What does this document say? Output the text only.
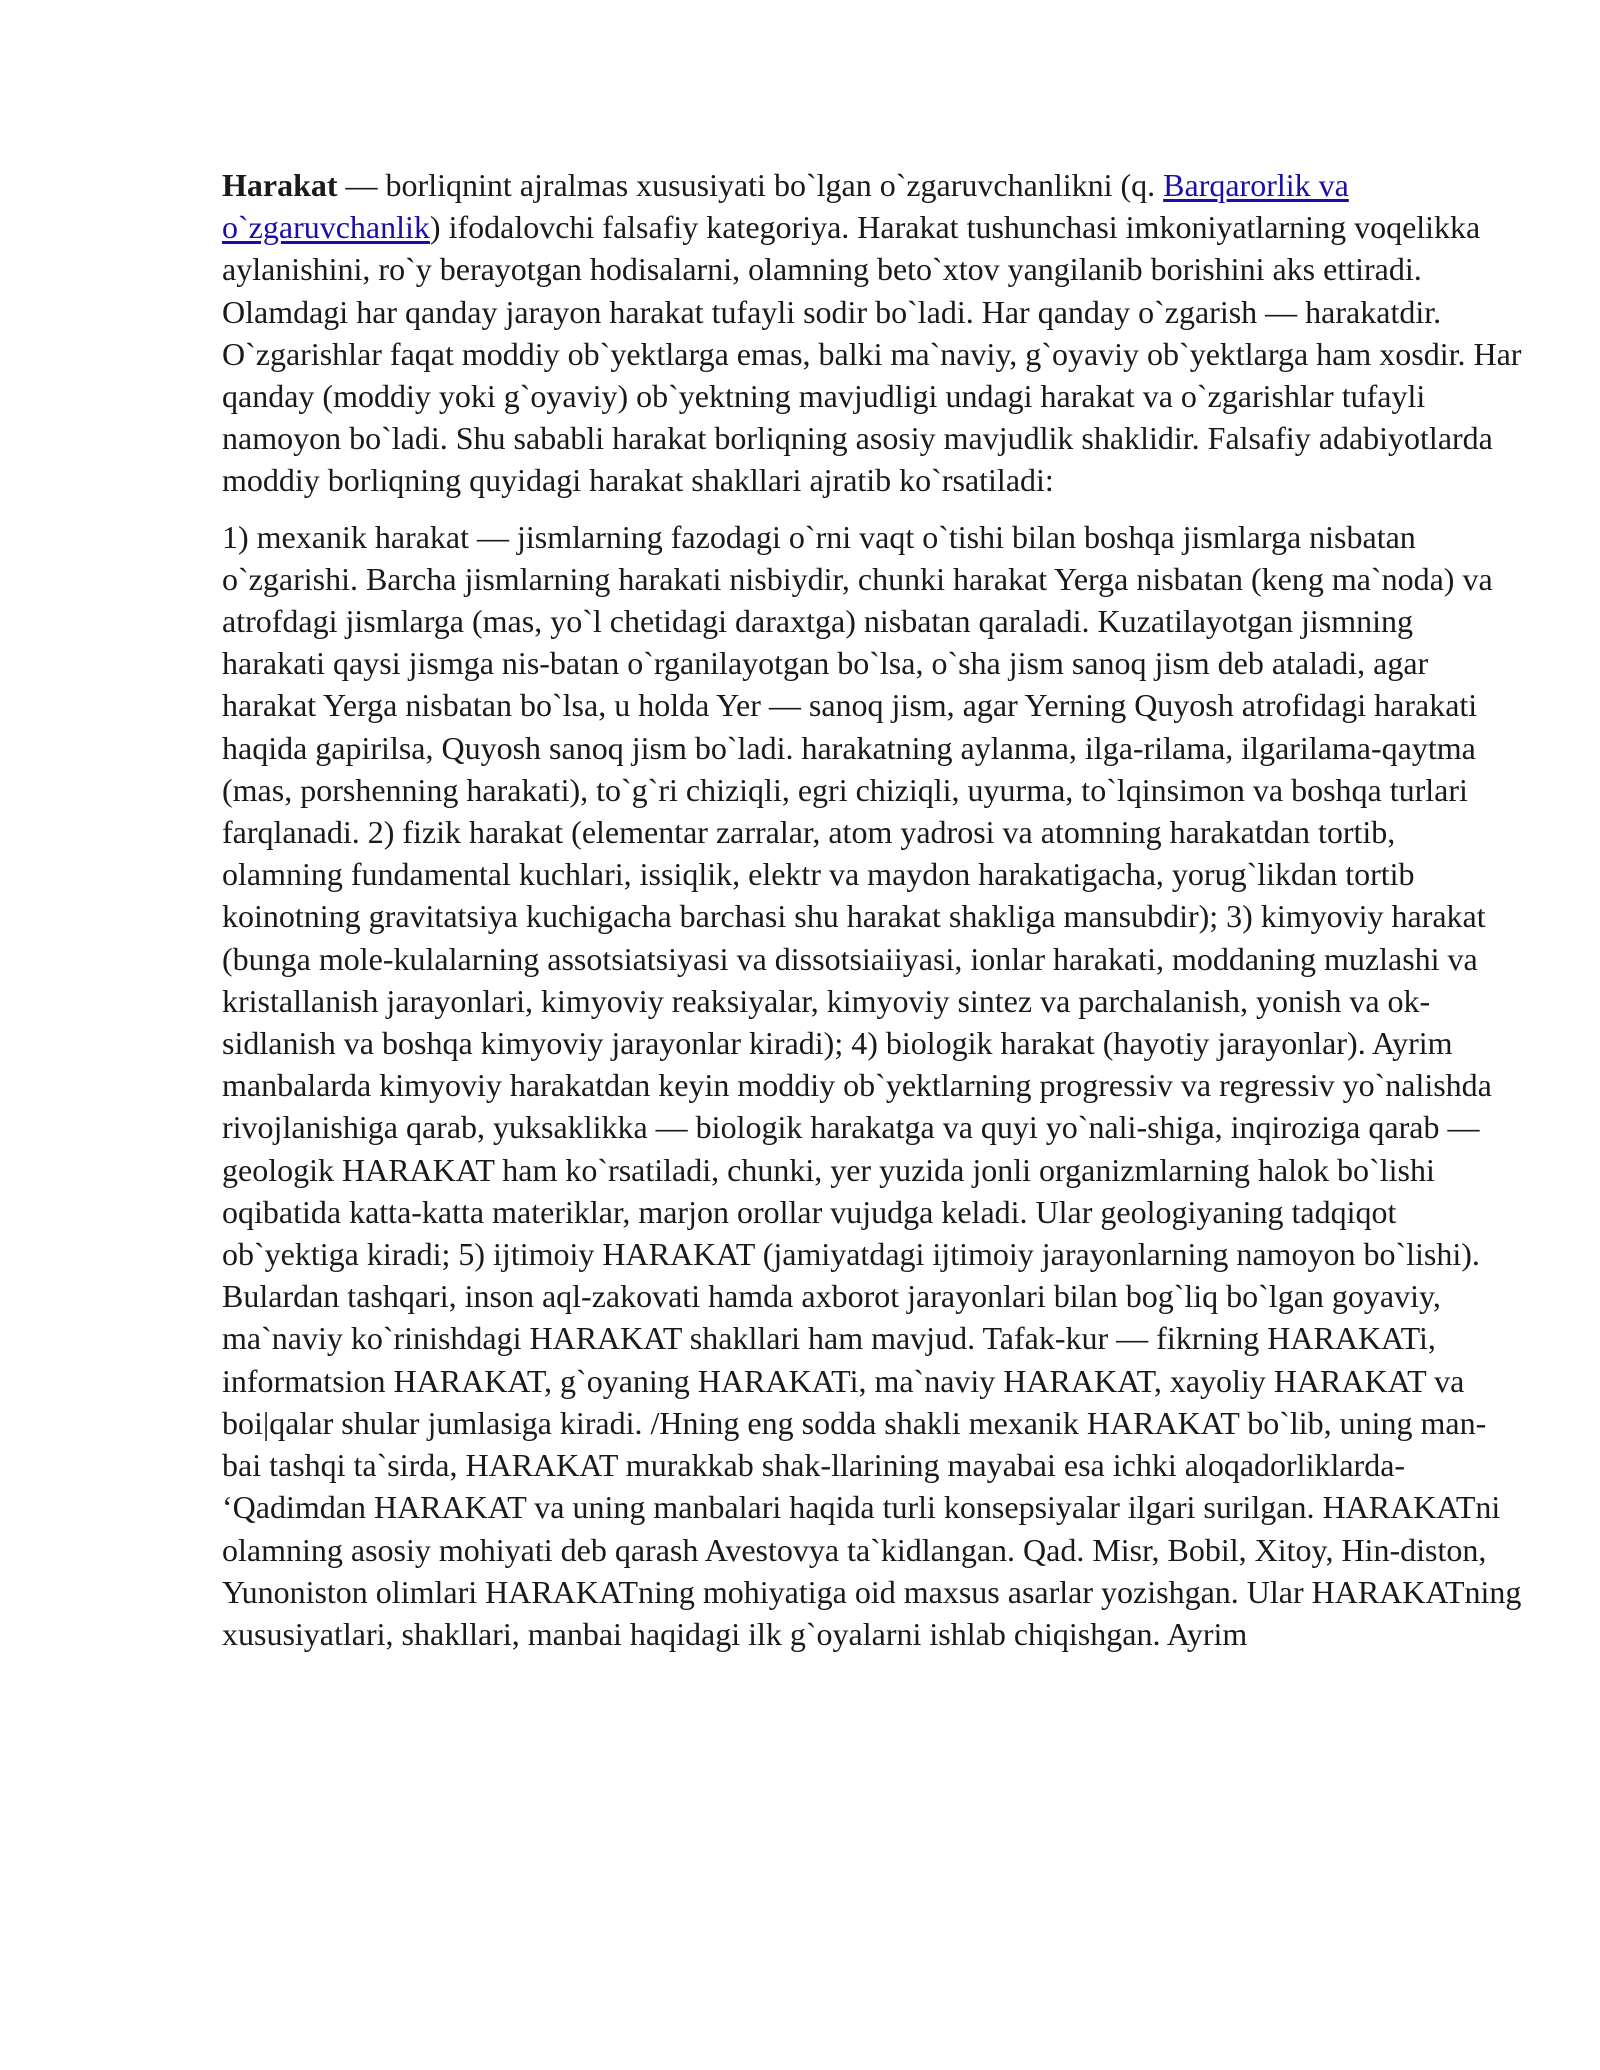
Harakat — borliqnint ajralmas xususiyati bo`lgan o`zgaruvchanlikni (q. Barqarorlik va o`zgaruvchanlik) ifodalovchi falsafiy kategoriya. Harakat tushunchasi imkoniyatlarning voqelikka aylanishini, ro`y berayotgan hodisalarni, olamning beto`xtov yangilanib borishini aks ettiradi. Olamdagi har qanday jarayon harakat tufayli sodir bo`ladi. Har qanday o`zgarish — harakatdir. O`zgarishlar faqat moddiy ob`yektlarga emas, balki ma`naviy, g`oyaviy ob`yektlarga ham xosdir. Har qanday (moddiy yoki g`oyaviy) ob`yektning mavjudligi undagi harakat va o`zgarishlar tufayli namoyon bo`ladi. Shu sababli harakat borliqning asosiy mavjudlik shaklidir. Falsafiy adabiyotlarda moddiy borliqning quyidagi harakat shakllari ajratib ko`rsatiladi:

1) mexanik harakat — jismlarning fazodagi o`rni vaqt o`tishi bilan boshqa jismlarga nisbatan o`zgarishi. Barcha jismlarning harakati nisbiydir, chunki harakat Yerga nisbatan (keng ma`noda) va atrofdagi jismlarga (mas, yo`l chetidagi daraxtga) nisbatan qaraladi. Kuzatilayotgan jismning harakati qaysi jismga nis-batan o`rganilayotgan bo`lsa, o`sha jism sanoq jism deb ataladi, agar harakat Yerga nisbatan bo`lsa, u holda Yer — sanoq jism, agar Yerning Quyosh atrofidagi harakati haqida gapirilsa, Quyosh sanoq jism bo`ladi. harakatning aylanma, ilga-rilama, ilgarilama-qaytma (mas, porshenning harakati), to`g`ri chiziqli, egri chiziqli, uyurma, to`lqinsimon va boshqa turlari farqlanadi. 2) fizik harakat (elementar zarralar, atom yadrosi va atomning harakatdan tortib, olamning fundamental kuchlari, issiqlik, elektr va maydon harakatigacha, yorug`likdan tortib koinotning gravitatsiya kuchigacha barchasi shu harakat shakliga mansubdir); 3) kimyoviy harakat (bunga mole-kulalarning assotsiatsiyasi va dissotsiaiiyasi, ionlar harakati, moddaning muzlashi va kristallanish jarayonlari, kimyoviy reaksiyalar, kimyoviy sintez va parchalanish, yonish va ok-sidlanish va boshqa kimyoviy jarayonlar kiradi); 4) biologik harakat (hayotiy jarayonlar). Ayrim manbalarda kimyoviy harakatdan keyin moddiy ob`yektlarning progressiv va regressiv yo`nalishda rivojlanishiga qarab, yuksaklikka — biologik harakatga va quyi yo`nali-shiga, inqiroziga qarab — geologik HARAKAT ham ko`rsatiladi, chunki, yer yuzida jonli organizmlarning halok bo`lishi oqibatida katta-katta materiklar, marjon orollar vujudga keladi. Ular geologiyaning tadqiqot ob`yektiga kiradi; 5) ijtimoiy HARAKAT (jamiyatdagi ijtimoiy jarayonlarning namoyon bo`lishi). Bulardan tashqari, inson aql-zakovati hamda axborot jarayonlari bilan bog`liq bo`lgan goyaviy, ma`naviy ko`rinishdagi HARAKAT shakllari ham mavjud. Tafak-kur — fikrning HARAKATi, informatsion HARAKAT, g`oyaning HARAKATi, ma`naviy HARAKAT, xayoliy HARAKAT va boi|qalar shular jumlasiga kiradi. /Hning eng sodda shakli mexanik HARAKAT bo`lib, uning man-bai tashqi ta`sirda, HARAKAT murakkab shak-llarining mayabai esa ichki aloqadorliklarda- ‘Qadimdan HARAKAT va uning manbalari haqida turli konsepsiyalar ilgari surilgan. HARAKATni olamning asosiy mohiyati deb qarash Avestovya ta`kidlangan. Qad. Misr, Bobil, Xitoy, Hin-diston, Yunoniston olimlari HARAKATning mohiyatiga oid maxsus asarlar yozishgan. Ular HARAKATning xususiyatlari, shakllari, manbai haqidagi ilk g`oyalarni ishlab chiqishgan. Ayrim
